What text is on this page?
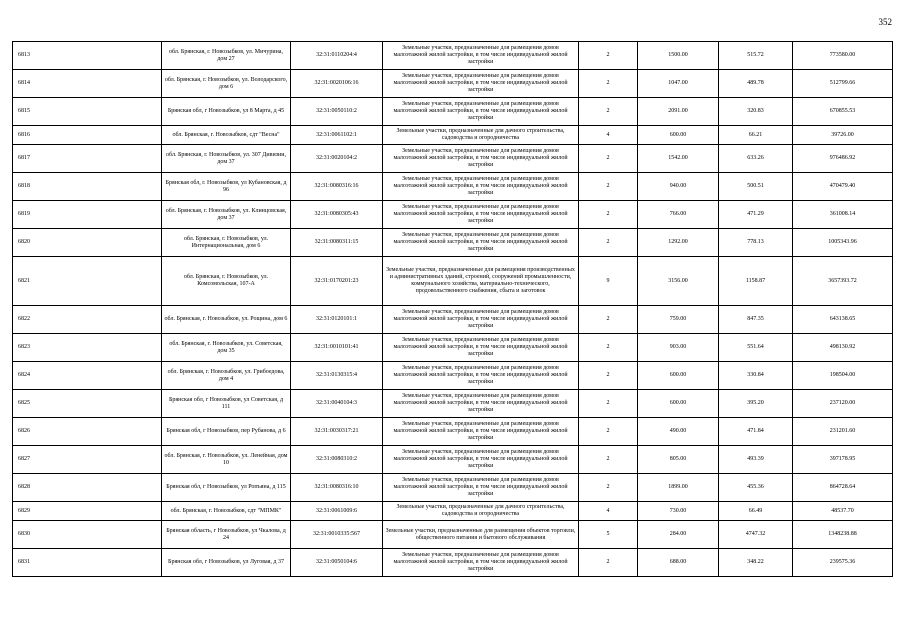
352
6813	обл. Брянская, г. Новозыбков, ул. Мичурина, дом 27	32:31:0110204:4	Земельные участки, предназначенные для размещения домов малоэтажной жилой застройки, в том числе индивидуальной жилой застройки	2	1500.00	515.72	773580.00
6814	обл. Брянская, г. Новозыбков, ул. Володарского, дом 6	32:31:0020106:16	Земельные участки, предназначенные для размещения домов малоэтажной жилой застройки, в том числе индивидуальной жилой застройки	2	1047.00	489.78	512799.66
6815	Брянская обл, г Новозыбков, ул 8 Марта, д 45	32:31:0050110:2	Земельные участки, предназначенные для размещения домов малоэтажной жилой застройки, в том числе индивидуальной жилой застройки	2	2091.00	320.83	670855.53
6816	обл. Брянская, г. Новозыбков, сдт "Весна"	32:31:0061102:1	Земельные участки, предназначенные для дачного строительства, садоводства и огородничества	4	600.00	66.21	39726.00
6817	обл. Брянская, г. Новозыбков, ул. 307 Дивизии, дом 37	32:31:0020104:2	Земельные участки, предназначенные для размещения домов малоэтажной жилой застройки, в том числе индивидуальной жилой застройки	2	1542.00	633.26	976486.92
6818	Брянская обл, г. Новозыбков, ул Кубановская, д 96	32:31:0080316:16	Земельные участки, предназначенные для размещения домов малоэтажной жилой застройки, в том числе индивидуальной жилой застройки	2	940.00	500.51	470479.40
6819	обл. Брянская, г. Новозыбков, ул. Клинцовская, дом 37	32:31:0080305:43	Земельные участки, предназначенные для размещения домов малоэтажной жилой застройки, в том числе индивидуальной жилой застройки	2	766.00	471.29	361008.14
6820	обл. Брянская, г. Новозыбков, ул. Интернациональная, дом 6	32:31:0080311:15	Земельные участки, предназначенные для размещения домов малоэтажной жилой застройки, в том числе индивидуальной жилой застройки	2	1292.00	778.13	1005343.96
6821	обл. Брянская, г. Новозыбков, ул. Комсомольская, 107-А	32:31:0170201:23	Земельные участки, предназначенные для размещения производственных и административных зданий, строений, сооружений промышленности, коммунального хозяйства, материально-технического, продовольственного снабжения, сбыта и заготовок	9	3156.00	1158.87	3657393.72
6822	обл. Брянская, г. Новозыбков, ул. Рощина, дом 6	32:31:0120101:1	Земельные участки, предназначенные для размещения домов малоэтажной жилой застройки, в том числе индивидуальной жилой застройки	2	759.00	847.35	643138.65
6823	обл. Брянская, г. Новозыбков, ул. Советская, дом 35	32:31:0010101:41	Земельные участки, предназначенные для размещения домов малоэтажной жилой застройки, в том числе индивидуальной жилой застройки	2	903.00	551.64	498130.92
6824	обл. Брянская, г. Новозыбков, ул. Грибоедова, дом 4	32:31:0130315:4	Земельные участки, предназначенные для размещения домов малоэтажной жилой застройки, в том числе индивидуальной жилой застройки	2	600.00	330.84	198504.00
6825	Брянская обл, г Новозыбков, ул Советская, д 111	32:31:0040104:3	Земельные участки, предназначенные для размещения домов малоэтажной жилой застройки, в том числе индивидуальной жилой застройки	2	600.00	395.20	237120.00
6826	Брянская обл, г Новозыбков, пер Рубанова, д 6	32:31:0030317:21	Земельные участки, предназначенные для размещения домов малоэтажной жилой застройки, в том числе индивидуальной жилой застройки	2	490.00	471.84	231201.60
6827	обл. Брянская, г. Новозыбков, ул. Ленейная, дом 10	32:31:0080310:2	Земельные участки, предназначенные для размещения домов малоэтажной жилой застройки, в том числе индивидуальной жилой застройки	2	805.00	493.39	397178.95
6828	Брянская обл, г Новозыбков, ул Ропъяна, д 115	32:31:0080316:10	Земельные участки, предназначенные для размещения домов малоэтажной жилой застройки, в том числе индивидуальной жилой застройки	2	1899.00	455.36	864728.64
6829	обл. Брянская, г. Новозыбков, сдт "МПМК"	32:31:0061009:6	Земельные участки, предназначенные для дачного строительства, садоводства и огородничества	4	730.00	66.49	48537.70
6830	Брянская область, г Новозыбков, ул Чкалова, д 24	32:31:0010335:567	Земельные участки, предназначенные для размещения объектов торговли, общественного питания и бытового обслуживания	5	284.00	4747.32	1348238.88
6831	Брянская обл, г Новозыбков, ул Луговая, д 37	32:31:0050104:6	Земельные участки, предназначенные для размещения домов малоэтажной жилой застройки, в том числе индивидуальной жилой застройки	2	688.00	348.22	239575.36
